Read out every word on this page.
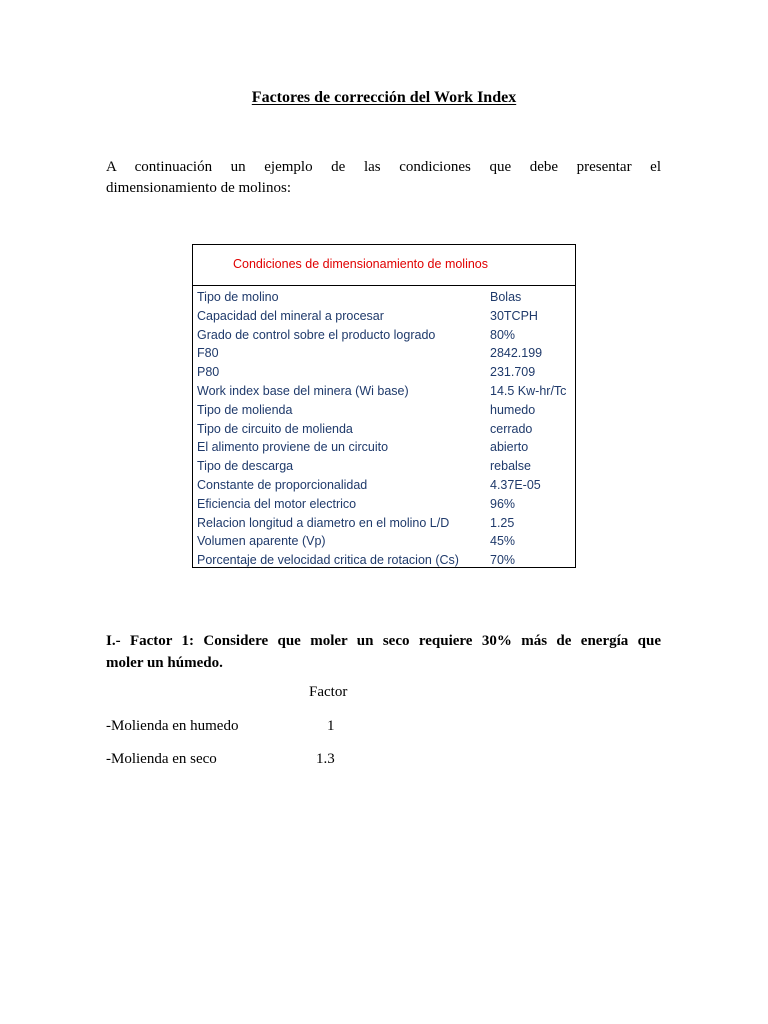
Factores de corrección del Work Index
A continuación un ejemplo de las condiciones que debe presentar el
dimensionamiento de molinos:
Condiciones de dimensionamiento de molinos
Tipo de molino	Bolas
Capacidad del mineral a procesar	30TCPH
Grado de control sobre el producto logrado	80%
F80	2842.199
P80	231.709
Work index base del minera (Wi base)	14.5 Kw-hr/Tc
Tipo de molienda	humedo
Tipo de circuito de molienda	cerrado
El alimento proviene de un circuito	abierto
Tipo de descarga	rebalse
Constante de proporcionalidad	4.37E-05
Eficiencia del motor electrico	96%
Relacion longitud a diametro en el molino L/D	1.25
Volumen aparente (Vp)	45%
Porcentaje de velocidad critica de rotacion (Cs) 70%
I.- Factor 1: Considere que moler un seco requiere 30% más de energía que
moler un húmedo.
Factor
-Molienda en humedo	1
-Molienda en seco	1.3
